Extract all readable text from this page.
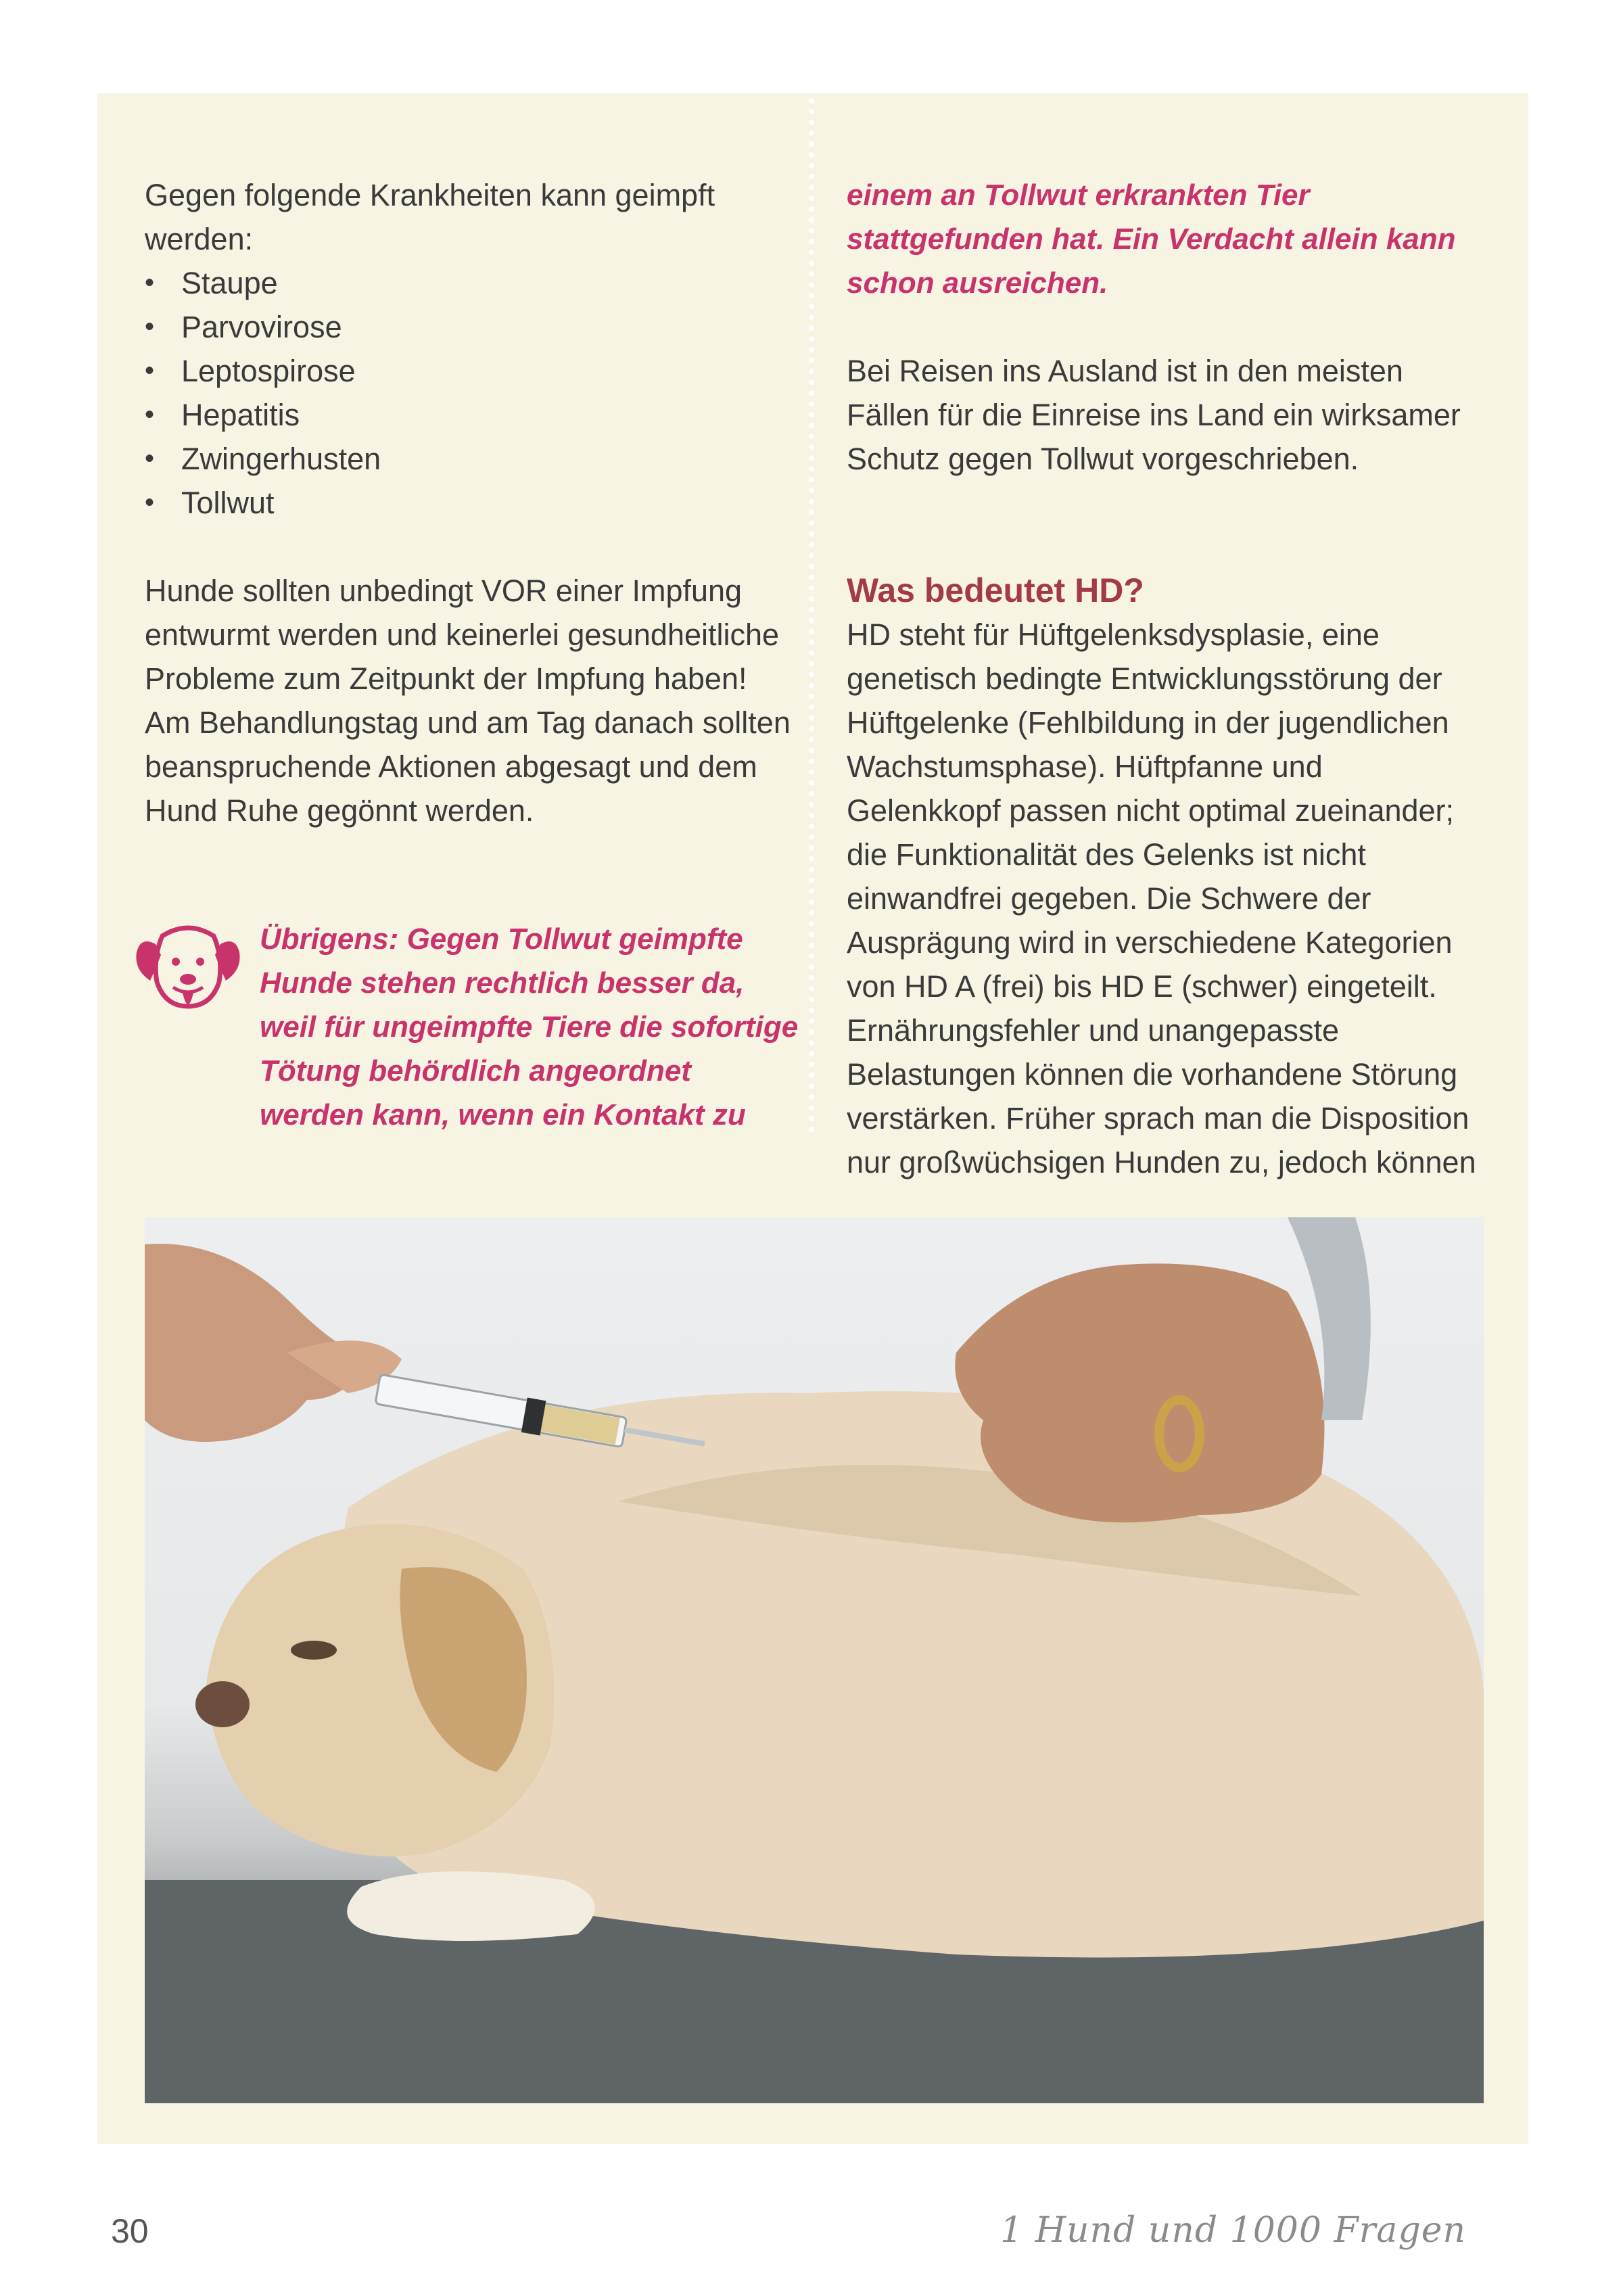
Gegen folgende Krankheiten kann geimpft werden:

• Staupe
• Parvovirose
• Leptospirose
• Hepatitis
• Zwingerhusten
• Tollwut

Hunde sollten unbedingt VOR einer Impfung entwurmt werden und keinerlei gesundheitliche Probleme zum Zeitpunkt der Impfung haben! Am Behandlungstag und am Tag danach sollten beanspruchende Aktionen abgesagt und dem Hund Ruhe gegönnt werden.

Übrigens: Gegen Tollwut geimpfte Hunde stehen rechtlich besser da, weil für ungeimpfte Tiere die sofortige Tötung behördlich angeordnet werden kann, wenn ein Kontakt zu

einem an Tollwut erkrankten Tier stattgefunden hat. Ein Verdacht allein kann schon ausreichen.

Bei Reisen ins Ausland ist in den meisten Fällen für die Einreise ins Land ein wirksamer Schutz gegen Tollwut vorgeschrieben.

Was bedeutet HD?

HD steht für Hüftgelenksdysplasie, eine genetisch bedingte Entwicklungsstörung der Hüftgelenke (Fehlbildung in der jugendlichen Wachstumsphase). Hüftpfanne und Gelenkkopf passen nicht optimal zueinander; die Funktionalität des Gelenks ist nicht einwandfrei gegeben. Die Schwere der Ausprägung wird in verschiedene Kategorien von HD A (frei) bis HD E (schwer) eingeteilt. Ernährungsfehler und unangepasste Belastungen können die vorhandene Störung verstärken. Früher sprach man die Disposition nur großwüchsigen Hunden zu, jedoch können

30	1 Hund und 1000 Fragen
